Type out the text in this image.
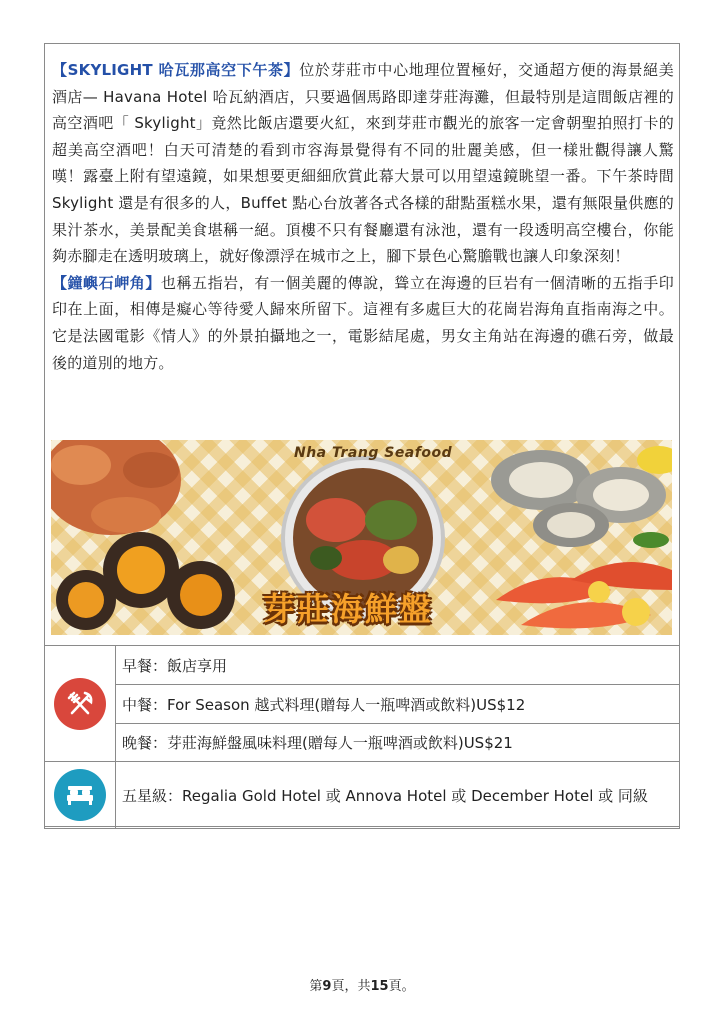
【SKYLIGHT 哈瓦那高空下午茶】位於芽莊市中心地理位置極好，交通超方便的海景絕美酒店— Havana Hotel 哈瓦納酒店，只要過個馬路即達芽莊海灘，但最特別是這間飯店裡的高空酒吧「 Skylight」竟然比飯店還要火紅，來到芽莊市觀光的旅客一定會朝聖拍照打卡的超美高空酒吧！白天可清楚的看到市容海景覺得有不同的壯麗美感，但一樣壯觀得讓人驚嘆！露臺上附有望遠鏡，如果想要更細細欣賞此幕大景可以用望遠鏡眺望一番。下午茶時間 Skylight 還是有很多的人，Buffet 點心台放著各式各樣的甜點蛋糕水果，還有無限量供應的果汁茶水，美景配美食堪稱一絕。頂樓不只有餐廳還有泳池，還有一段透明高空樓台，你能夠赤腳走在透明玻璃上，就好像漂浮在城市之上，腳下景色心驚膽戰也讓人印象深刻！

【鐘嶼石岬角】也稱五指岩，有一個美麗的傳說，聳立在海邊的巨岩有一個清晰的五指手印印在上面，相傳是癡心等待愛人歸來所留下。這裡有多處巨大的花崗岩海角直指南海之中。它是法國電影《情人》的外景拍攝地之一，電影結尾處，男女主角站在海邊的礁石旁，做最後的道別的地方。

Nha Trang Seafood
芽莊海鮮盤
	早餐：飯店享用
	中餐：For Season 越式料理(贈每人一瓶啤酒或飲料)US$12
	晚餐：芽莊海鮮盤風味料理(贈每人一瓶啤酒或飲料)US$21

	五星級：Regalia Gold Hotel 或 Annova Hotel 或 December Hotel 或 同級
第9頁，共15頁。
